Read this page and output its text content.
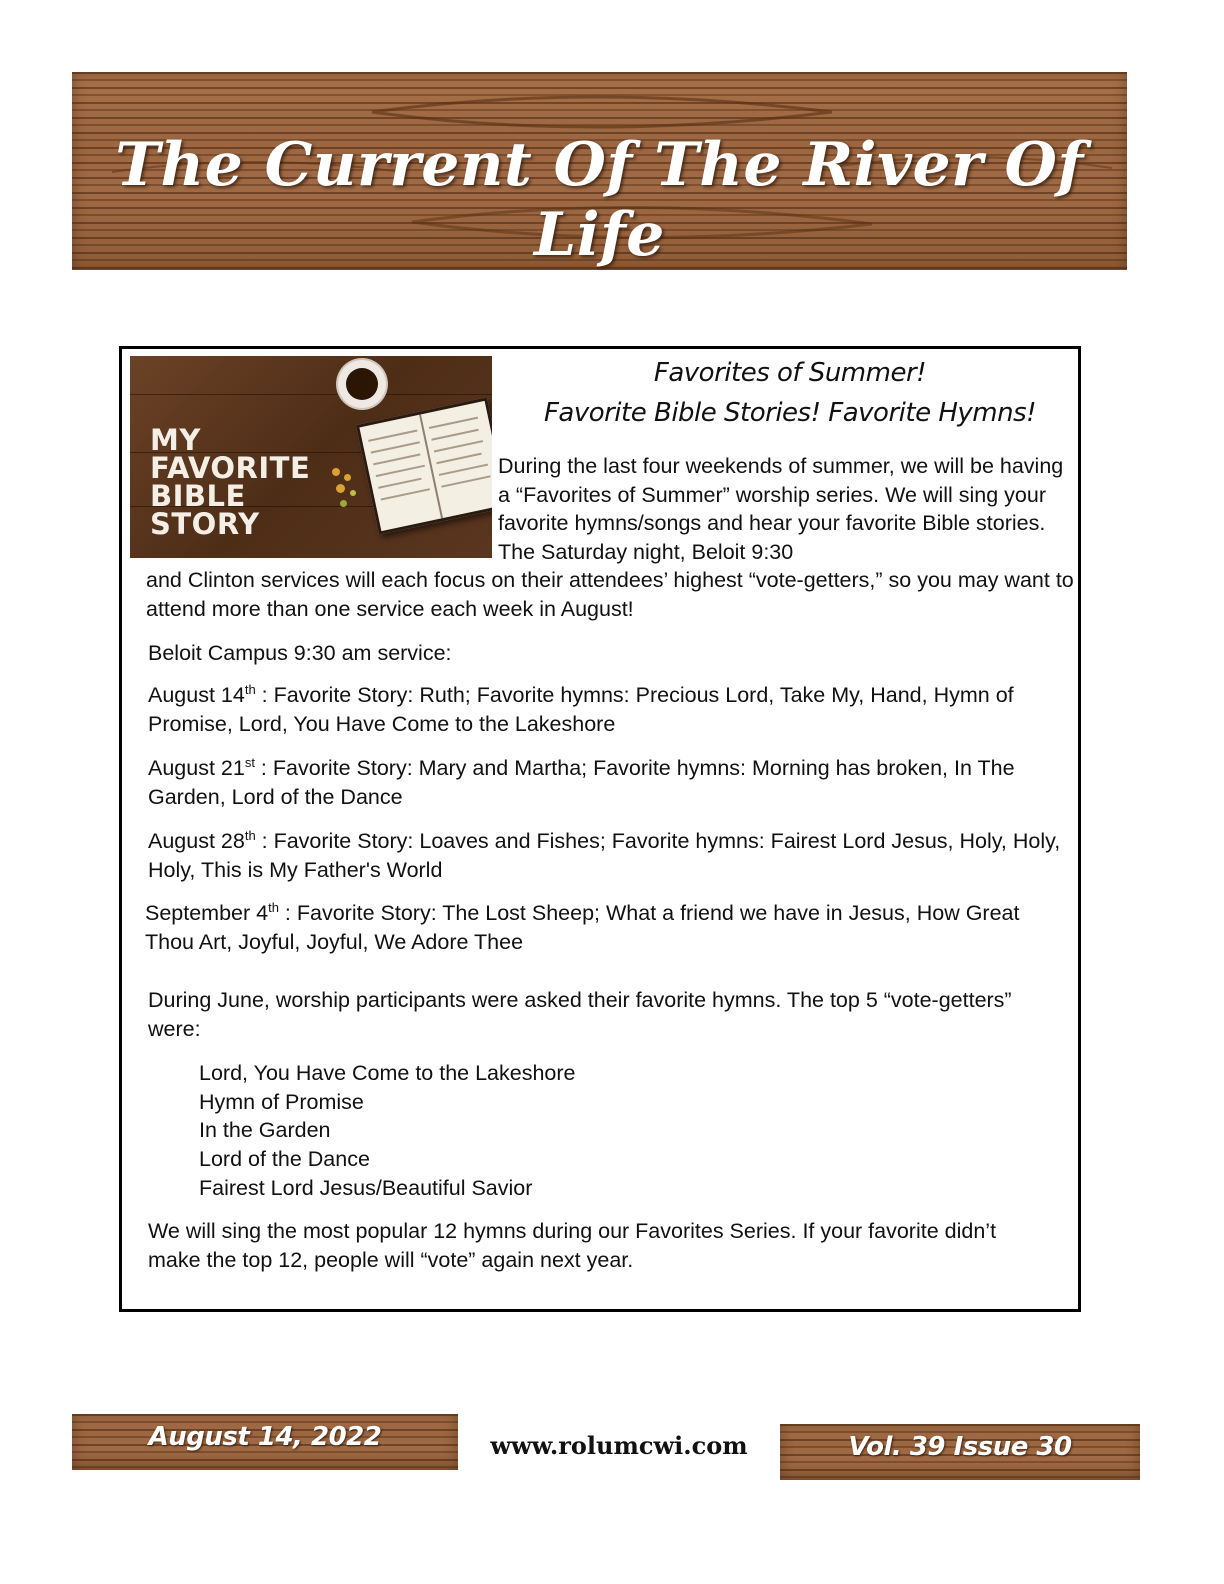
The Current Of The River Of Life
MY
FAVORITE
BIBLE
STORY
Favorites of Summer!
Favorite Bible Stories! Favorite Hymns!
During the last four weekends of summer, we will be having a “Favorites of Summer” worship series. We will sing your favorite hymns/songs and hear your favorite Bible stories. The Saturday night, Beloit 9:30
and Clinton services will each focus on their attendees’ highest “vote-getters,” so you may want to attend more than one service each week in August!
Beloit Campus 9:30 am service:
August 14th : Favorite Story: Ruth; Favorite hymns: Precious Lord, Take My, Hand, Hymn of Promise, Lord, You Have Come to the Lakeshore
August 21st : Favorite Story: Mary and Martha; Favorite hymns: Morning has broken, In The Garden, Lord of the Dance
August 28th : Favorite Story: Loaves and Fishes; Favorite hymns: Fairest Lord Jesus, Holy, Holy, Holy, This is My Father's World
September 4th : Favorite Story: The Lost Sheep; What a friend we have in Jesus, How Great Thou Art, Joyful, Joyful, We Adore Thee
During June, worship participants were asked their favorite hymns. The top 5 “vote-getters” were:
Lord, You Have Come to the Lakeshore
Hymn of Promise
In the Garden
Lord of the Dance
Fairest Lord Jesus/Beautiful Savior
We will sing the most popular 12 hymns during our Favorites Series. If your favorite didn’t make the top 12, people will “vote” again next year.
August 14, 2022	www.rolumcwi.com	Vol. 39 Issue 30
